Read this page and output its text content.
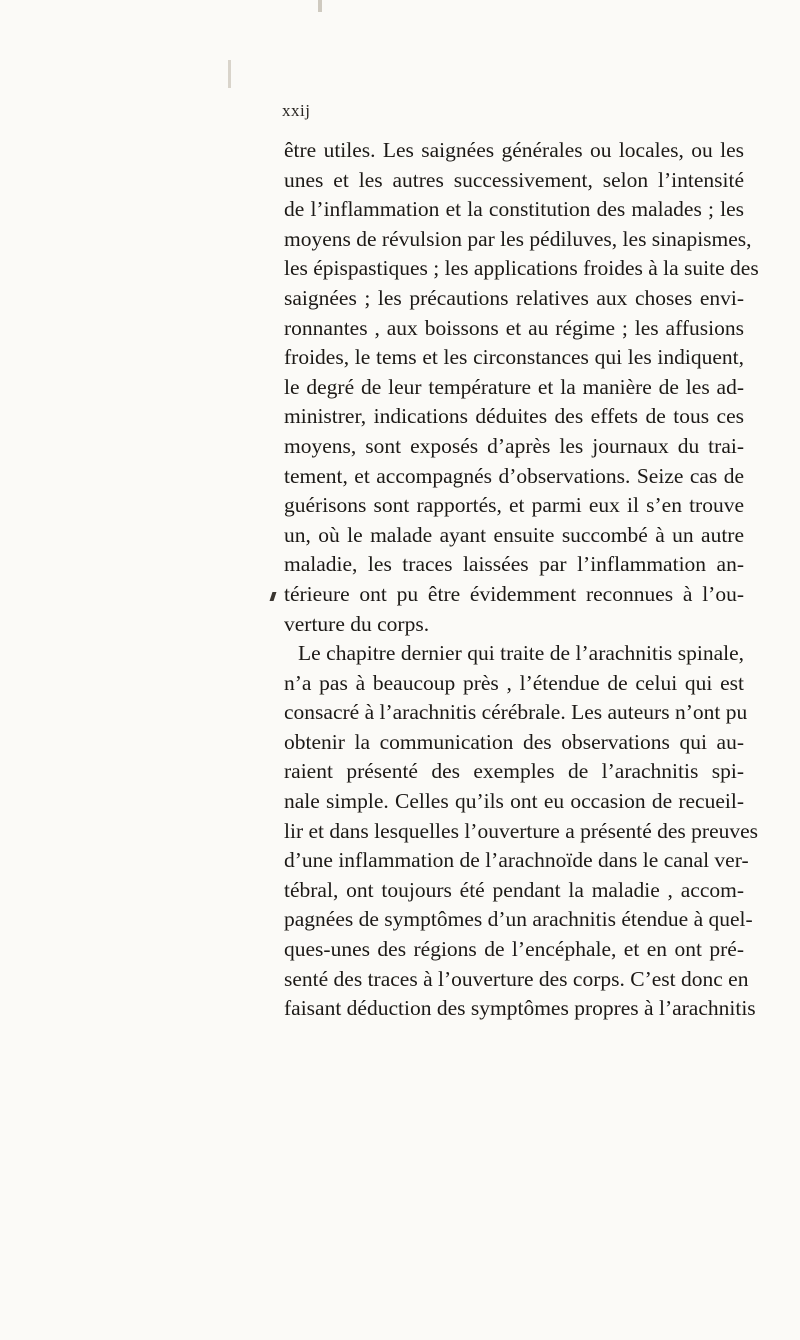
xxij
être utiles. Les saignées générales ou locales, ou les
unes et les autres successivement, selon l’intensité
de l’inflammation et la constitution des malades ; les
moyens de révulsion par les pédiluves, les sinapismes,
les épispastiques ; les applications froides à la suite des
saignées ; les précautions relatives aux choses envi-
ronnantes , aux boissons et au régime ; les affusions
froides, le tems et les circonstances qui les indiquent,
le degré de leur température et la manière de les ad-
ministrer, indications déduites des effets de tous ces
moyens, sont exposés d’après les journaux du trai-
tement, et accompagnés d’observations. Seize cas de
guérisons sont rapportés, et parmi eux il s’en trouve
un, où le malade ayant ensuite succombé à un autre
maladie, les traces laissées par l’inflammation an-
térieure ont pu être évidemment reconnues à l’ou-
verture du corps.
Le chapitre dernier qui traite de l’arachnitis spinale,
n’a pas à beaucoup près , l’étendue de celui qui est
consacré à l’arachnitis cérébrale. Les auteurs n’ont pu
obtenir la communication des observations qui au-
raient présenté des exemples de l’arachnitis spi-
nale simple. Celles qu’ils ont eu occasion de recueil-
lir et dans lesquelles l’ouverture a présenté des preuves
d’une inflammation de l’arachnoïde dans le canal ver-
tébral, ont toujours été pendant la maladie , accom-
pagnées de symptômes d’un arachnitis étendue à quel-
ques-unes des régions de l’encéphale, et en ont pré-
senté des traces à l’ouverture des corps. C’est donc en
faisant déduction des symptômes propres à l’arachnitis
